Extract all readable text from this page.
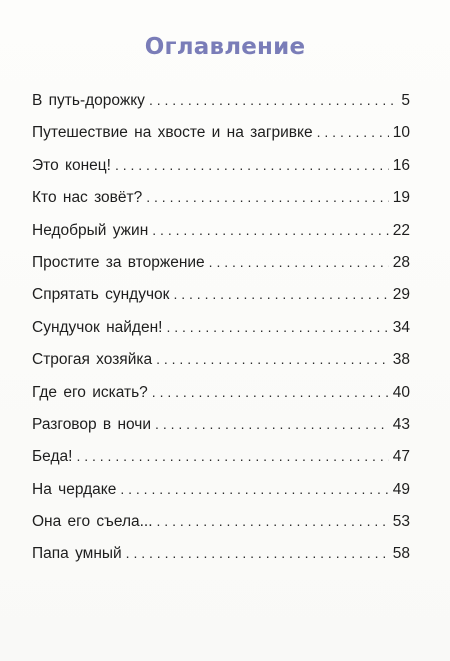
Оглавление
В путь-дорожку . . .	5
Путешествие на хвосте и на загривке . . .	10
Это конец! . . .	16
Кто нас зовёт? . . .	19
Недобрый ужин . . .	22
Простите за вторжение . . .	28
Спрятать сундучок . . .	29
Сундучок найден! . . .	34
Строгая хозяйка . . .	38
Где его искать? . . .	40
Разговор в ночи . . .	43
Беда! . . .	47
На чердаке . . .	49
Она его съела... . . .	53
Папа умный . . .	58
